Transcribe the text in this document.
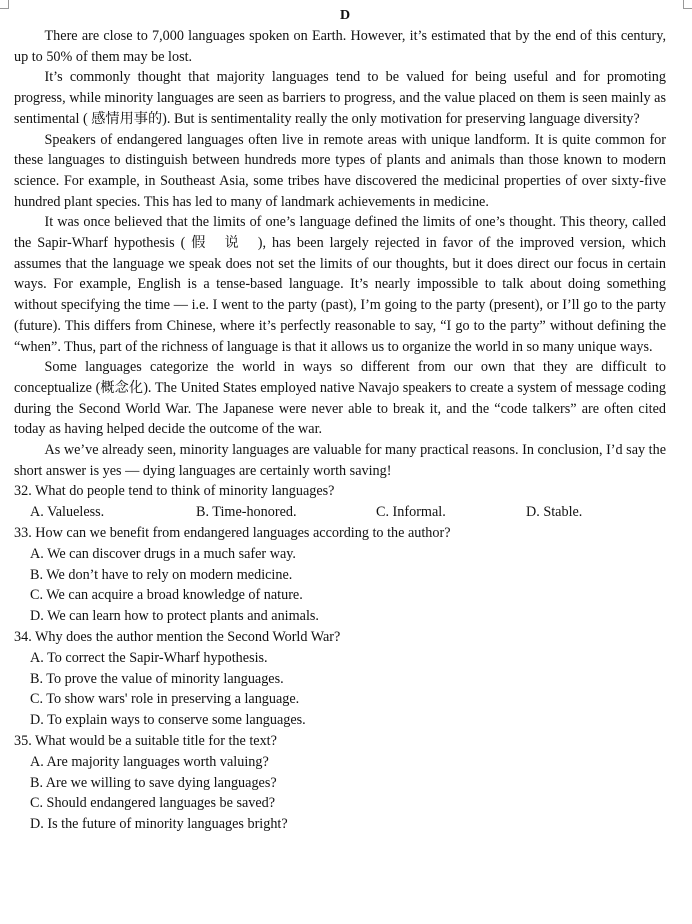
D

There are close to 7,000 languages spoken on Earth. However, it’s estimated that by the end of this century, up to 50% of them may be lost.

It’s commonly thought that majority languages tend to be valued for being useful and for promoting progress, while minority languages are seen as barriers to progress, and the value placed on them is seen mainly as sentimental ( 感情用事的). But is sentimentality really the only motivation for preserving language diversity?

Speakers of endangered languages often live in remote areas with unique landform. It is quite common for these languages to distinguish between hundreds more types of plants and animals than those known to modern science. For example, in Southeast Asia, some tribes have discovered the medicinal properties of over sixty-five hundred plant species. This has led to many of landmark achievements in medicine.

It was once believed that the limits of one’s language defined the limits of one’s thought. This theory, called the Sapir-Wharf hypothesis ( 假　说　), has been largely rejected in favor of the improved version, which assumes that the language we speak does not set the limits of our thoughts, but it does direct our focus in certain ways. For example, English is a tense-based language. It’s nearly impossible to talk about doing something without specifying the time — i.e. I went to the party (past), I’m going to the party (present), or I’ll go to the party (future). This differs from Chinese, where it’s perfectly reasonable to say, “I go to the party” without defining the “when”. Thus, part of the richness of language is that it allows us to organize the world in so many unique ways.

Some languages categorize the world in ways so different from our own that they are difficult to conceptualize (概念化). The United States employed native Navajo speakers to create a system of message coding during the Second World War. The Japanese were never able to break it, and the “code talkers” are often cited today as having helped decide the outcome of the war.

As we’ve already seen, minority languages are valuable for many practical reasons. In conclusion, I’d say the short answer is yes — dying languages are certainly worth saving!

32. What do people tend to think of minority languages?

A. Valueless.	B. Time-honored.	C. Informal.	D. Stable.

33. How can we benefit from endangered languages according to the author?

A. We can discover drugs in a much safer way.

B. We don’t have to rely on modern medicine.

C. We can acquire a broad knowledge of nature.

D. We can learn how to protect plants and animals.

34. Why does the author mention the Second World War?

A. To correct the Sapir-Wharf hypothesis.

B. To prove the value of minority languages.

C. To show wars' role in preserving a language.

D. To explain ways to conserve some languages.

35. What would be a suitable title for the text?

A. Are majority languages worth valuing?

B. Are we willing to save dying languages?

C. Should endangered languages be saved?

D. Is the future of minority languages bright?
